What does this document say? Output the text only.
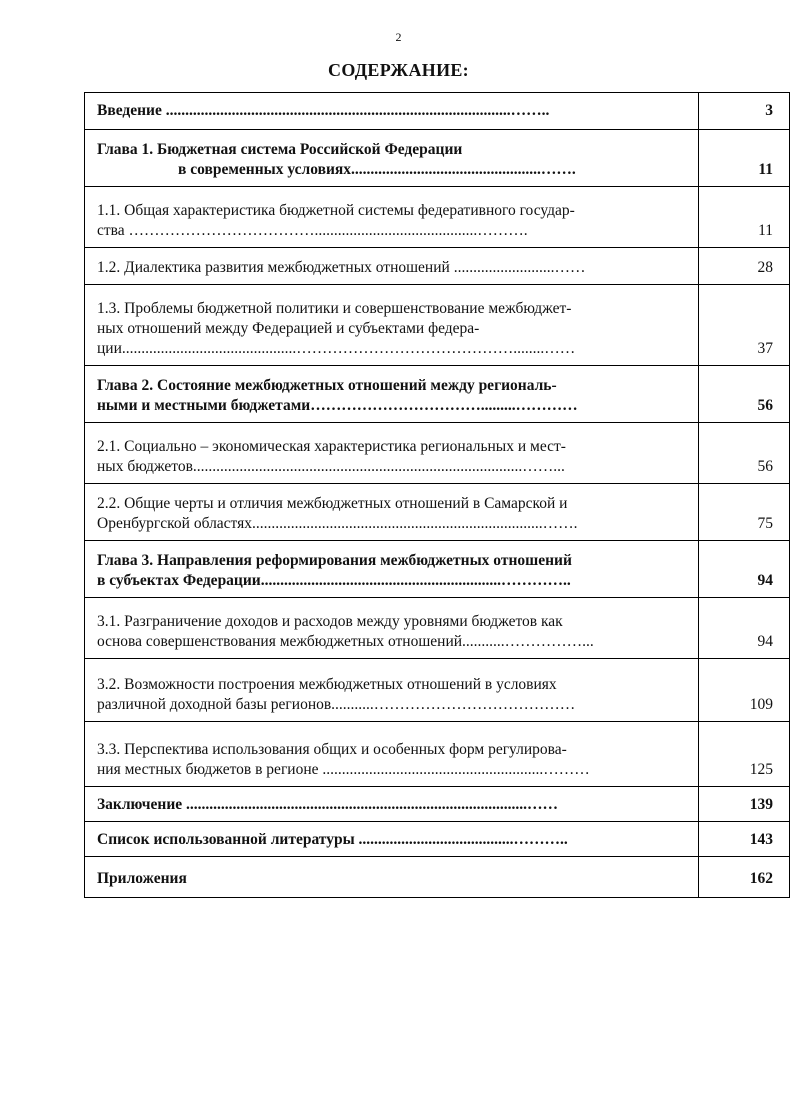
2
СОДЕРЖАНИЕ:
Введение .........................................................................................……..	3

Глава 1. Бюджетная система Российской Федерации
в современных условиях.................................................…….	11

1.1. Общая характеристика бюджетной системы федеративного государ-
ства ………………………………..........................................……….	11

1.2. Диалектика развития межбюджетных отношений ..........................……	28

1.3. Проблемы бюджетной политики и совершенствование межбюджет-
ных отношений между Федерацией и субъектами федера-
ции.............................................……………………………………........……	37

Глава 2. Состояние межбюджетных отношений между региональ-
ными и местными бюджетами…………………………….........…………	56

2.1. Социально – экономическая характеристика региональных и мест-
ных бюджетов.....................................................................................……...	56

2.2. Общие черты и отличия межбюджетных отношений в Самарской и
Оренбургской областях...........................................................................…….	75

Глава 3. Направления реформирования межбюджетных отношений
в субъектах Федерации..............................................................…………..	94

3.1. Разграничение доходов и расходов между уровнями бюджетов как
основа совершенствования межбюджетных отношений...........……………...	94

3.2. Возможности построения межбюджетных отношений в условиях
различной доходной базы регионов...........…………………………………	109

3.3. Перспектива использования общих и особенных форм регулирова-
ния местных бюджетов в регионе .........................................................………	125

Заключение ........................................................................................……	139

Список использованной литературы ........................................………..	143

Приложения	162
